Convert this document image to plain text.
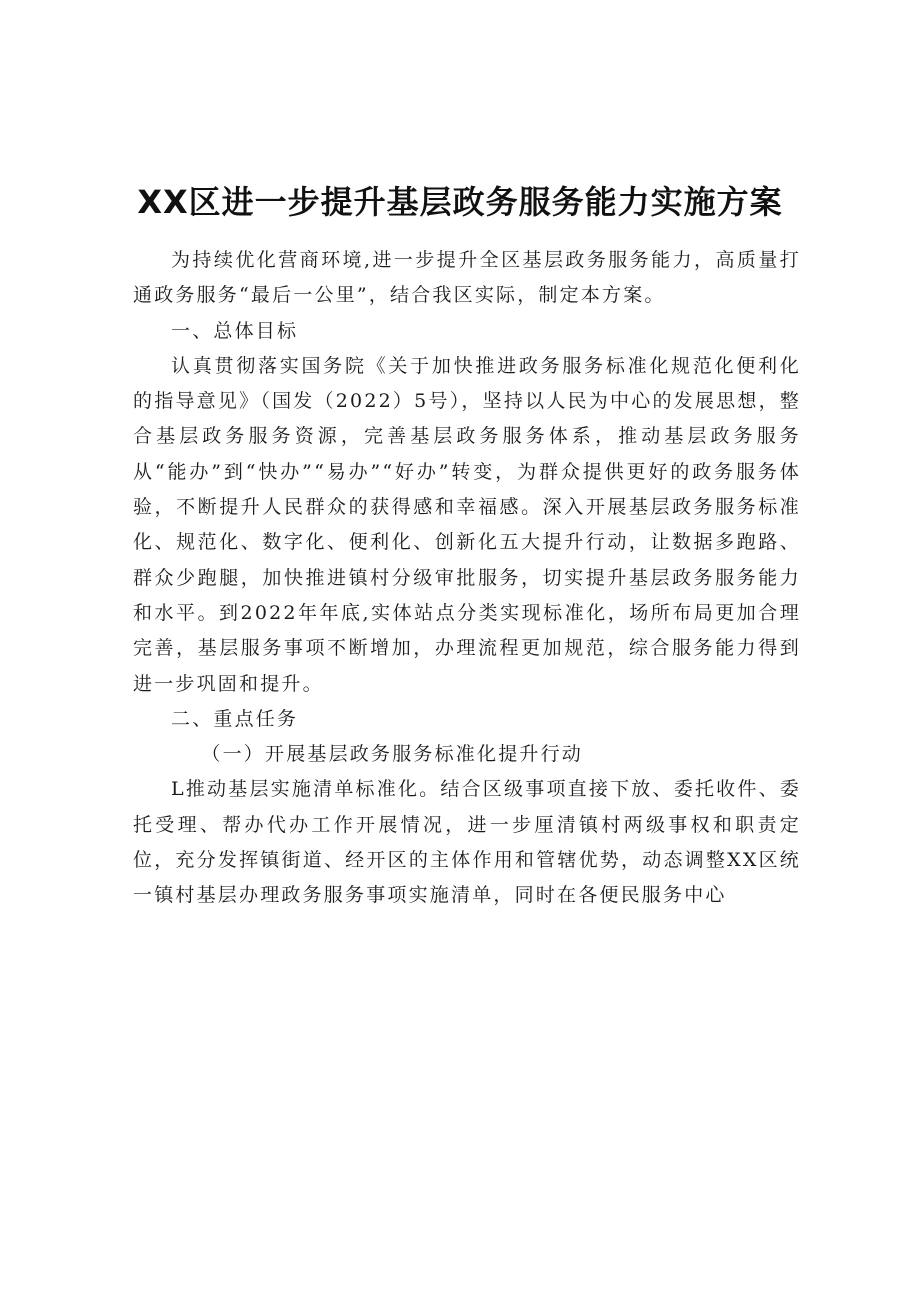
XX区进一步提升基层政务服务能力实施方案

为持续优化营商环境,进一步提升全区基层政务服务能力，高质量打通政务服务“最后一公里”，结合我区实际，制定本方案。

一、总体目标

认真贯彻落实国务院《关于加快推进政务服务标准化规范化便利化的指导意见》（国发（2022）5号），坚持以人民为中心的发展思想，整合基层政务服务资源，完善基层政务服务体系，推动基层政务服务从“能办”到“快办”“易办”“好办”转变，为群众提供更好的政务服务体验，不断提升人民群众的获得感和幸福感。深入开展基层政务服务标准化、规范化、数字化、便利化、创新化五大提升行动，让数据多跑路、群众少跑腿，加快推进镇村分级审批服务，切实提升基层政务服务能力和水平。到2022年年底,实体站点分类实现标准化，场所布局更加合理完善，基层服务事项不断增加，办理流程更加规范，综合服务能力得到进一步巩固和提升。

二、重点任务

（一）开展基层政务服务标准化提升行动

L推动基层实施清单标准化。结合区级事项直接下放、委托收件、委托受理、帮办代办工作开展情况，进一步厘清镇村两级事权和职责定位，充分发挥镇街道、经开区的主体作用和管辖优势，动态调整XX区统一镇村基层办理政务服务事项实施清单，同时在各便民服务中心
